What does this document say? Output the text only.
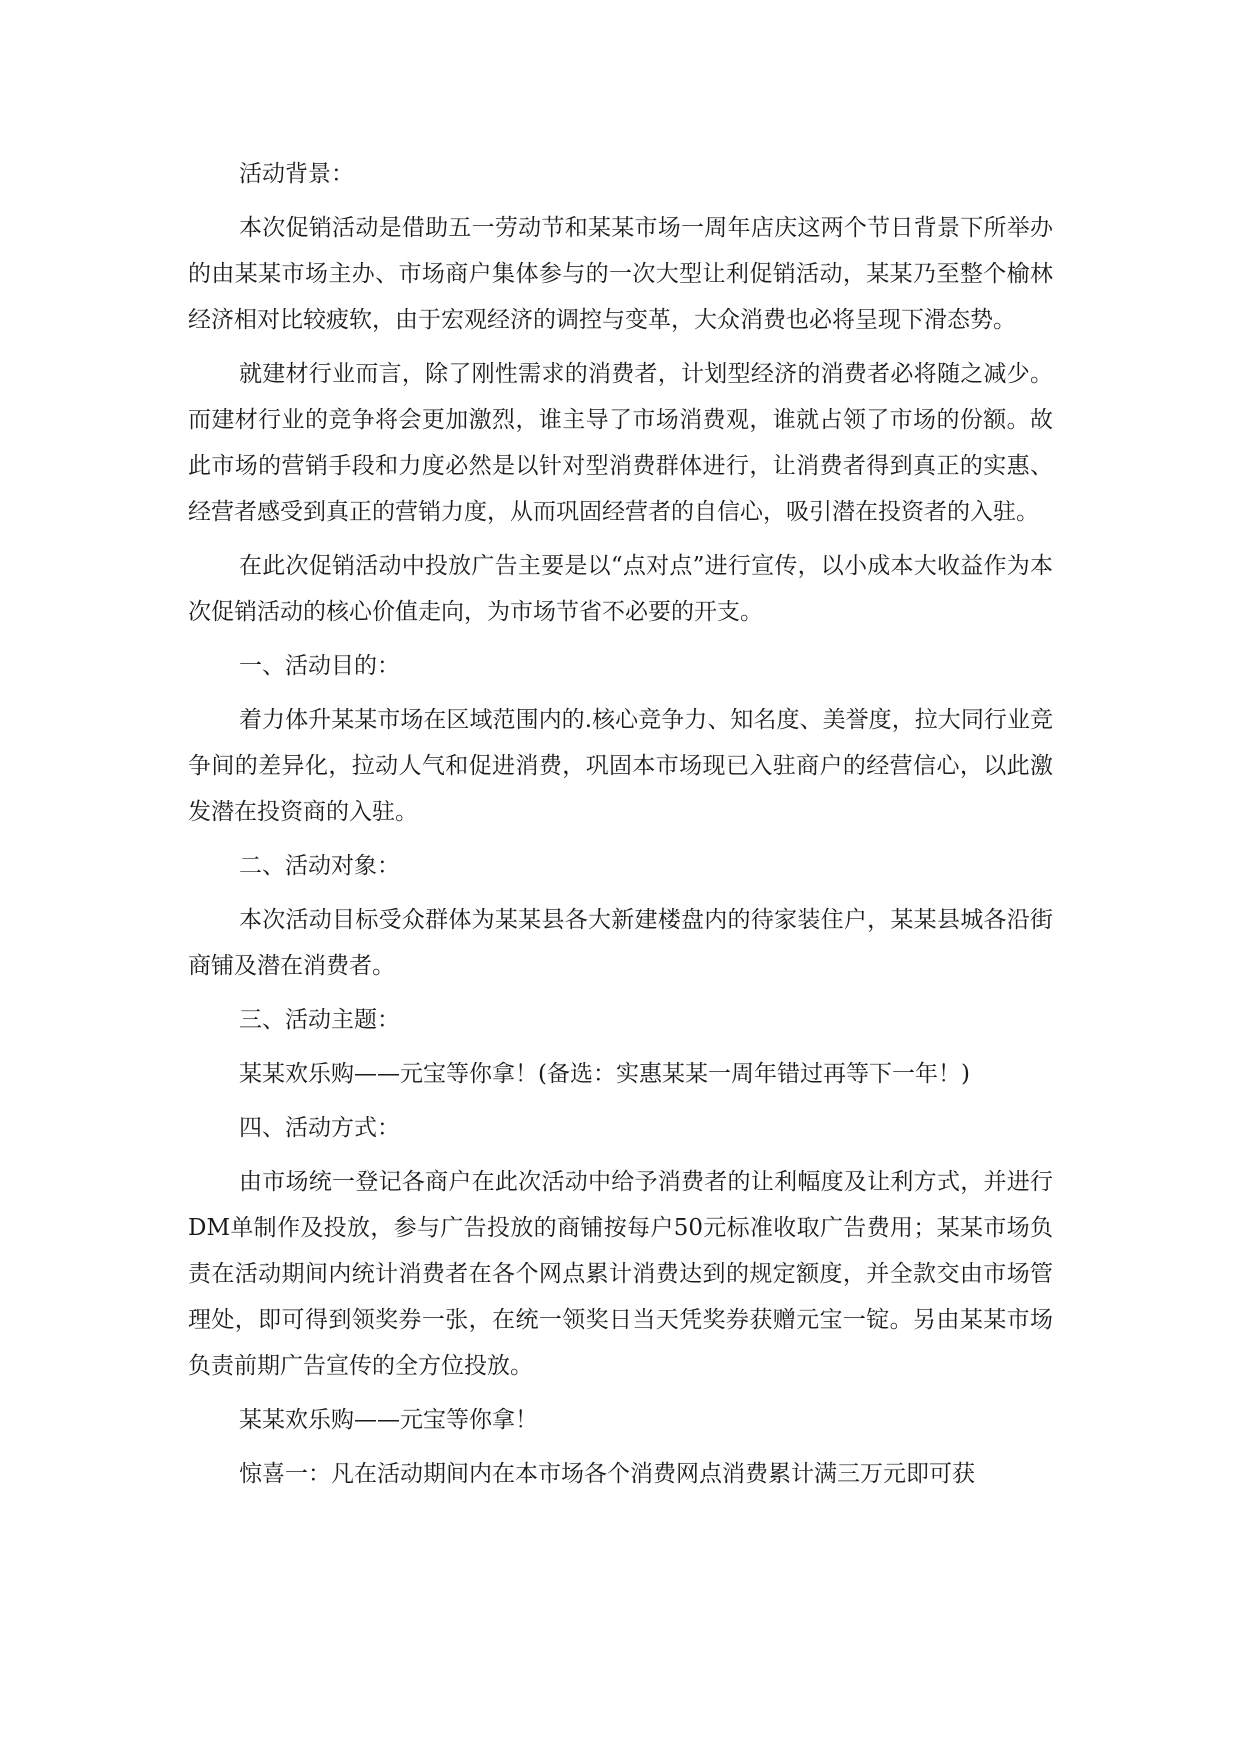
活动背景：

本次促销活动是借助五一劳动节和某某市场一周年店庆这两个节日背景下所举办的由某某市场主办、市场商户集体参与的一次大型让利促销活动，某某乃至整个榆林经济相对比较疲软，由于宏观经济的调控与变革，大众消费也必将呈现下滑态势。

就建材行业而言，除了刚性需求的消费者，计划型经济的消费者必将随之减少。而建材行业的竞争将会更加激烈，谁主导了市场消费观，谁就占领了市场的份额。故此市场的营销手段和力度必然是以针对型消费群体进行，让消费者得到真正的实惠、经营者感受到真正的营销力度，从而巩固经营者的自信心，吸引潜在投资者的入驻。

在此次促销活动中投放广告主要是以“点对点”进行宣传，以小成本大收益作为本次促销活动的核心价值走向，为市场节省不必要的开支。

一、活动目的：

着力体升某某市场在区域范围内的.核心竞争力、知名度、美誉度，拉大同行业竞争间的差异化，拉动人气和促进消费，巩固本市场现已入驻商户的经营信心，以此激发潜在投资商的入驻。

二、活动对象：

本次活动目标受众群体为某某县各大新建楼盘内的待家装住户，某某县城各沿街商铺及潜在消费者。

三、活动主题：

某某欢乐购——元宝等你拿！(备选：实惠某某一周年错过再等下一年！)

四、活动方式：

由市场统一登记各商户在此次活动中给予消费者的让利幅度及让利方式，并进行DM单制作及投放，参与广告投放的商铺按每户50元标准收取广告费用；某某市场负责在活动期间内统计消费者在各个网点累计消费达到的规定额度，并全款交由市场管理处，即可得到领奖券一张，在统一领奖日当天凭奖券获赠元宝一锭。另由某某市场负责前期广告宣传的全方位投放。

某某欢乐购——元宝等你拿！

惊喜一：凡在活动期间内在本市场各个消费网点消费累计满三万元即可获
